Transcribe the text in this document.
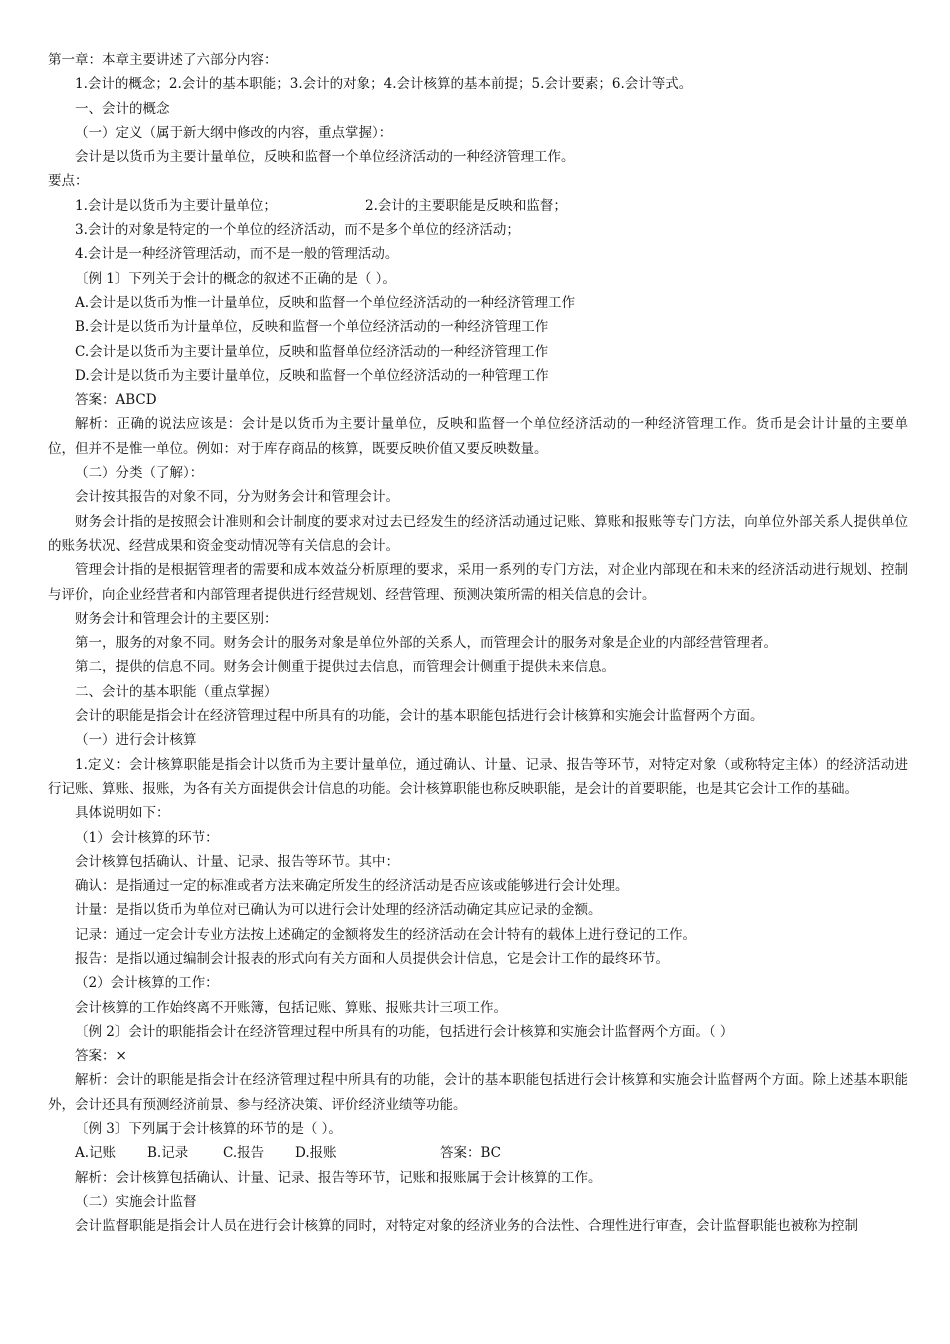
第一章：本章主要讲述了六部分内容：

1.会计的概念；2.会计的基本职能；3.会计的对象；4.会计核算的基本前提；5.会计要素；6.会计等式。

一、会计的概念

（一）定义（属于新大纲中修改的内容，重点掌握）：

会计是以货币为主要计量单位，反映和监督一个单位经济活动的一种经济管理工作。

要点：

1.会计是以货币为主要计量单位；	2.会计的主要职能是反映和监督；

3.会计的对象是特定的一个单位的经济活动，而不是多个单位的经济活动；

4.会计是一种经济管理活动，而不是一般的管理活动。

〔例 1〕下列关于会计的概念的叙述不正确的是（ ）。

A.会计是以货币为惟一计量单位，反映和监督一个单位经济活动的一种经济管理工作

B.会计是以货币为计量单位，反映和监督一个单位经济活动的一种经济管理工作

C.会计是以货币为主要计量单位，反映和监督单位经济活动的一种经济管理工作

D.会计是以货币为主要计量单位，反映和监督一个单位经济活动的一种管理工作

答案：ABCD

解析：正确的说法应该是：会计是以货币为主要计量单位，反映和监督一个单位经济活动的一种经济管理工作。货币是会计计量的主要单位，但并不是惟一单位。例如：对于库存商品的核算，既要反映价值又要反映数量。

（二）分类（了解）：

会计按其报告的对象不同，分为财务会计和管理会计。

财务会计指的是按照会计准则和会计制度的要求对过去已经发生的经济活动通过记账、算账和报账等专门方法，向单位外部关系人提供单位的账务状况、经营成果和资金变动情况等有关信息的会计。

管理会计指的是根据管理者的需要和成本效益分析原理的要求，采用一系列的专门方法，对企业内部现在和未来的经济活动进行规划、控制与评价，向企业经营者和内部管理者提供进行经营规划、经营管理、预测决策所需的相关信息的会计。

财务会计和管理会计的主要区别：

第一，服务的对象不同。财务会计的服务对象是单位外部的关系人，而管理会计的服务对象是企业的内部经营管理者。

第二，提供的信息不同。财务会计侧重于提供过去信息，而管理会计侧重于提供未来信息。

二、会计的基本职能（重点掌握）

会计的职能是指会计在经济管理过程中所具有的功能，会计的基本职能包括进行会计核算和实施会计监督两个方面。

（一）进行会计核算

1.定义：会计核算职能是指会计以货币为主要计量单位，通过确认、计量、记录、报告等环节，对特定对象（或称特定主体）的经济活动进行记账、算账、报账，为各有关方面提供会计信息的功能。会计核算职能也称反映职能，是会计的首要职能，也是其它会计工作的基础。

具体说明如下：

（1）会计核算的环节：

会计核算包括确认、计量、记录、报告等环节。其中：

确认：是指通过一定的标准或者方法来确定所发生的经济活动是否应该或能够进行会计处理。

计量：是指以货币为单位对已确认为可以进行会计处理的经济活动确定其应记录的金额。

记录：通过一定会计专业方法按上述确定的金额将发生的经济活动在会计特有的载体上进行登记的工作。

报告：是指以通过编制会计报表的形式向有关方面和人员提供会计信息，它是会计工作的最终环节。

（2）会计核算的工作：

会计核算的工作始终离不开账簿，包括记账、算账、报账共计三项工作。

〔例 2〕会计的职能指会计在经济管理过程中所具有的功能，包括进行会计核算和实施会计监督两个方面。（ ）

答案：×

解析：会计的职能是指会计在经济管理过程中所具有的功能，会计的基本职能包括进行会计核算和实施会计监督两个方面。除上述基本职能外，会计还具有预测经济前景、参与经济决策、评价经济业绩等功能。

〔例 3〕下列属于会计核算的环节的是（ ）。

A.记账 B.记录	C.报告 D.报账	答案：BC

解析：会计核算包括确认、计量、记录、报告等环节，记账和报账属于会计核算的工作。

（二）实施会计监督

会计监督职能是指会计人员在进行会计核算的同时，对特定对象的经济业务的合法性、合理性进行审查，会计监督职能也被称为控制
